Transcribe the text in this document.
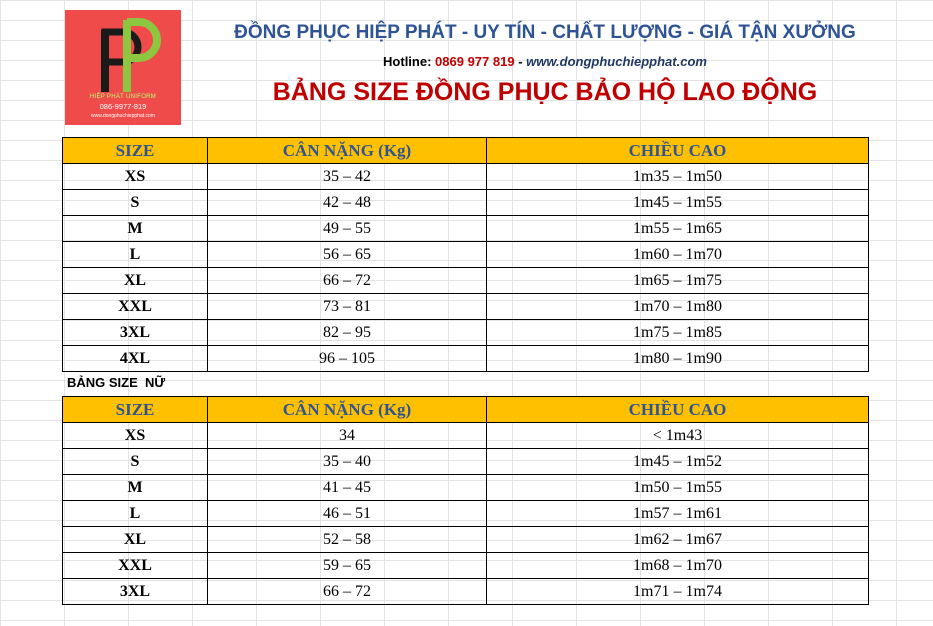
HIỆP PHÁT UNIFORM
086-9977-819
www.dongphuchiepphat.com
ĐỒNG PHỤC HIỆP PHÁT - UY TÍN - CHẤT LƯỢNG - GIÁ TẬN XƯỞNG
Hotline: 0869 977 819 - www.dongphuchiepphat.com
BẢNG SIZE ĐỒNG PHỤC BẢO HỘ LAO ĐỘNG
SIZE	CÂN NẶNG (Kg)	CHIỀU CAO
XS	35 – 42	1m35 – 1m50
S	42 – 48	1m45 – 1m55
M	49 – 55	1m55 – 1m65
L	56 – 65	1m60 – 1m70
XL	66 – 72	1m65 – 1m75
XXL	73 – 81	1m70 – 1m80
3XL	82 – 95	1m75 – 1m85
4XL	96 – 105	1m80 – 1m90
BẢNG SIZE  NỮ
SIZE	CÂN NẶNG (Kg)	CHIỀU CAO
XS	34	< 1m43
S	35 – 40	1m45 – 1m52
M	41 – 45	1m50 – 1m55
L	46 – 51	1m57 – 1m61
XL	52 – 58	1m62 – 1m67
XXL	59 – 65	1m68 – 1m70
3XL	66 – 72	1m71 – 1m74
